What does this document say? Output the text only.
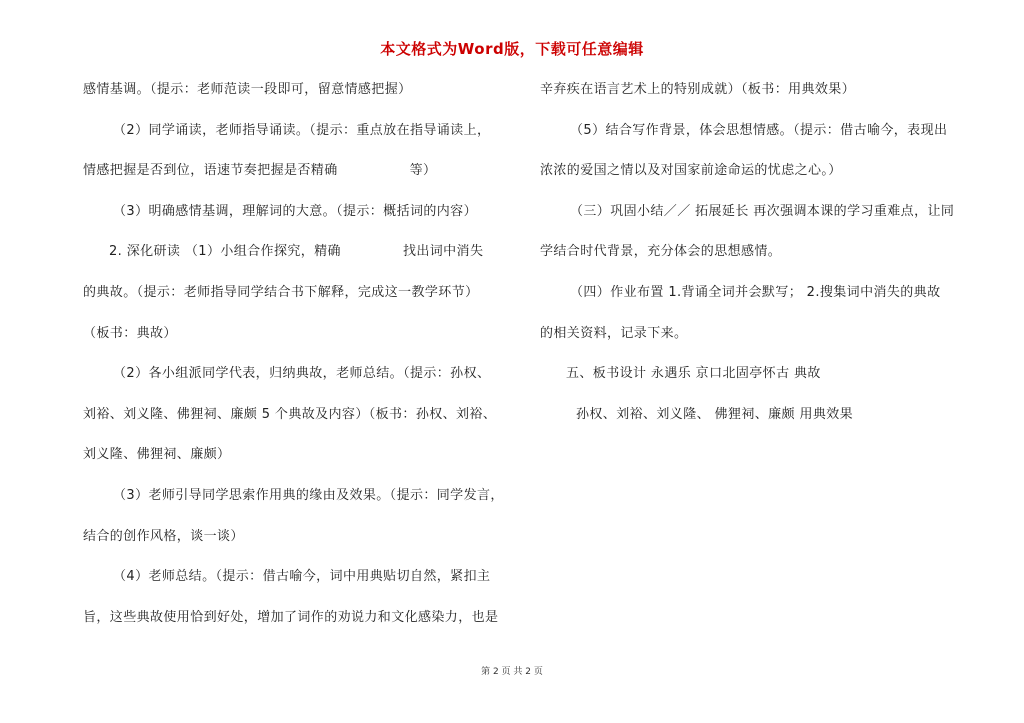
本文格式为Word版，下载可任意编辑
感情基调。（提示：老师范读一段即可，留意情感把握）
（2）同学诵读，老师指导诵读。（提示：重点放在指导诵读上，
情感把握是否到位，语速节奏把握是否精确	等）
（3）明确感情基调，理解词的大意。（提示：概括词的内容）
2. 深化研读 （1）小组合作探究，精确	找出词中消失
的典故。（提示：老师指导同学结合书下解释，完成这一教学环节）
（板书：典故）
（2）各小组派同学代表，归纳典故，老师总结。（提示：孙权、
刘裕、刘义隆、佛狸祠、廉颇 5 个典故及内容）（板书：孙权、刘裕、
刘义隆、佛狸祠、廉颇）
（3）老师引导同学思索作用典的缘由及效果。（提示：同学发言，
结合的创作风格，谈一谈）
（4）老师总结。（提示：借古喻今，词中用典贴切自然，紧扣主
旨，这些典故使用恰到好处，增加了词作的劝说力和文化感染力，也是
辛弃疾在语言艺术上的特别成就）（板书：用典效果）
（5）结合写作背景，体会思想情感。（提示：借古喻今，表现出
浓浓的爱国之情以及对国家前途命运的忧虑之心。）
（三）巩固小结／／ 拓展延长 再次强调本课的学习重难点，让同
学结合时代背景，充分体会的思想感情。
（四）作业布置 1.背诵全词并会默写； 2.搜集词中消失的典故
的相关资料，记录下来。
五、板书设计 永遇乐 京口北固亭怀古 典故
孙权、刘裕、刘义隆、 佛狸祠、廉颇 用典效果
第 2 页 共 2 页
